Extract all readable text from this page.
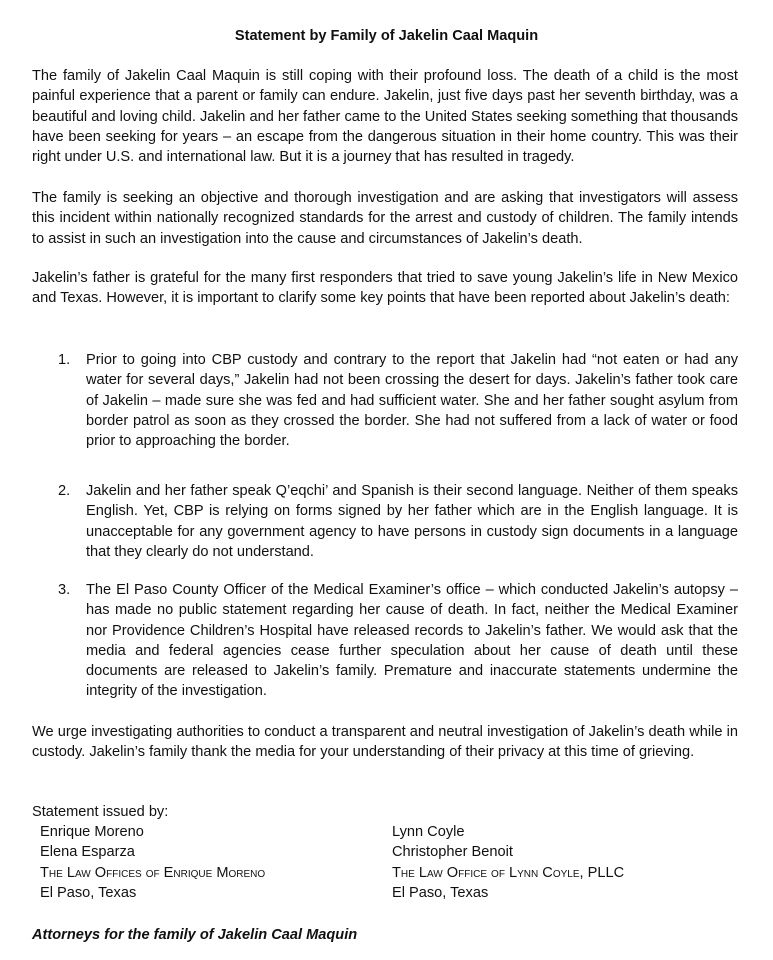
Statement by Family of Jakelin Caal Maquin

The family of Jakelin Caal Maquin is still coping with their profound loss. The death of a child is the most painful experience that a parent or family can endure. Jakelin, just five days past her seventh birthday, was a beautiful and loving child. Jakelin and her father came to the United States seeking something that thousands have been seeking for years – an escape from the dangerous situation in their home country. This was their right under U.S. and international law. But it is a journey that has resulted in tragedy.

The family is seeking an objective and thorough investigation and are asking that investigators will assess this incident within nationally recognized standards for the arrest and custody of children. The family intends to assist in such an investigation into the cause and circumstances of Jakelin’s death.

Jakelin’s father is grateful for the many first responders that tried to save young Jakelin’s life in New Mexico and Texas. However, it is important to clarify some key points that have been reported about Jakelin’s death:

1.	Prior to going into CBP custody and contrary to the report that Jakelin had “not eaten or had any water for several days,” Jakelin had not been crossing the desert for days. Jakelin’s father took care of Jakelin – made sure she was fed and had sufficient water. She and her father sought asylum from border patrol as soon as they crossed the border. She had not suffered from a lack of water or food prior to approaching the border.
2.	Jakelin and her father speak Q’eqchi’ and Spanish is their second language. Neither of them speaks English. Yet, CBP is relying on forms signed by her father which are in the English language. It is unacceptable for any government agency to have persons in custody sign documents in a language that they clearly do not understand.
3.	The El Paso County Officer of the Medical Examiner’s office – which conducted Jakelin’s autopsy – has made no public statement regarding her cause of death. In fact, neither the Medical Examiner nor Providence Children’s Hospital have released records to Jakelin’s father. We would ask that the media and federal agencies cease further speculation about her cause of death until these documents are released to Jakelin’s family. Premature and inaccurate statements undermine the integrity of the investigation.

We urge investigating authorities to conduct a transparent and neutral investigation of Jakelin’s death while in custody. Jakelin’s family thank the media for your understanding of their privacy at this time of grieving.

Statement issued by:
Enrique Moreno
Elena Esparza
The Law Offices of Enrique Moreno
El Paso, Texas
Lynn Coyle
Christopher Benoit
The Law Office of Lynn Coyle, PLLC
El Paso, Texas
Attorneys for the family of Jakelin Caal Maquin
